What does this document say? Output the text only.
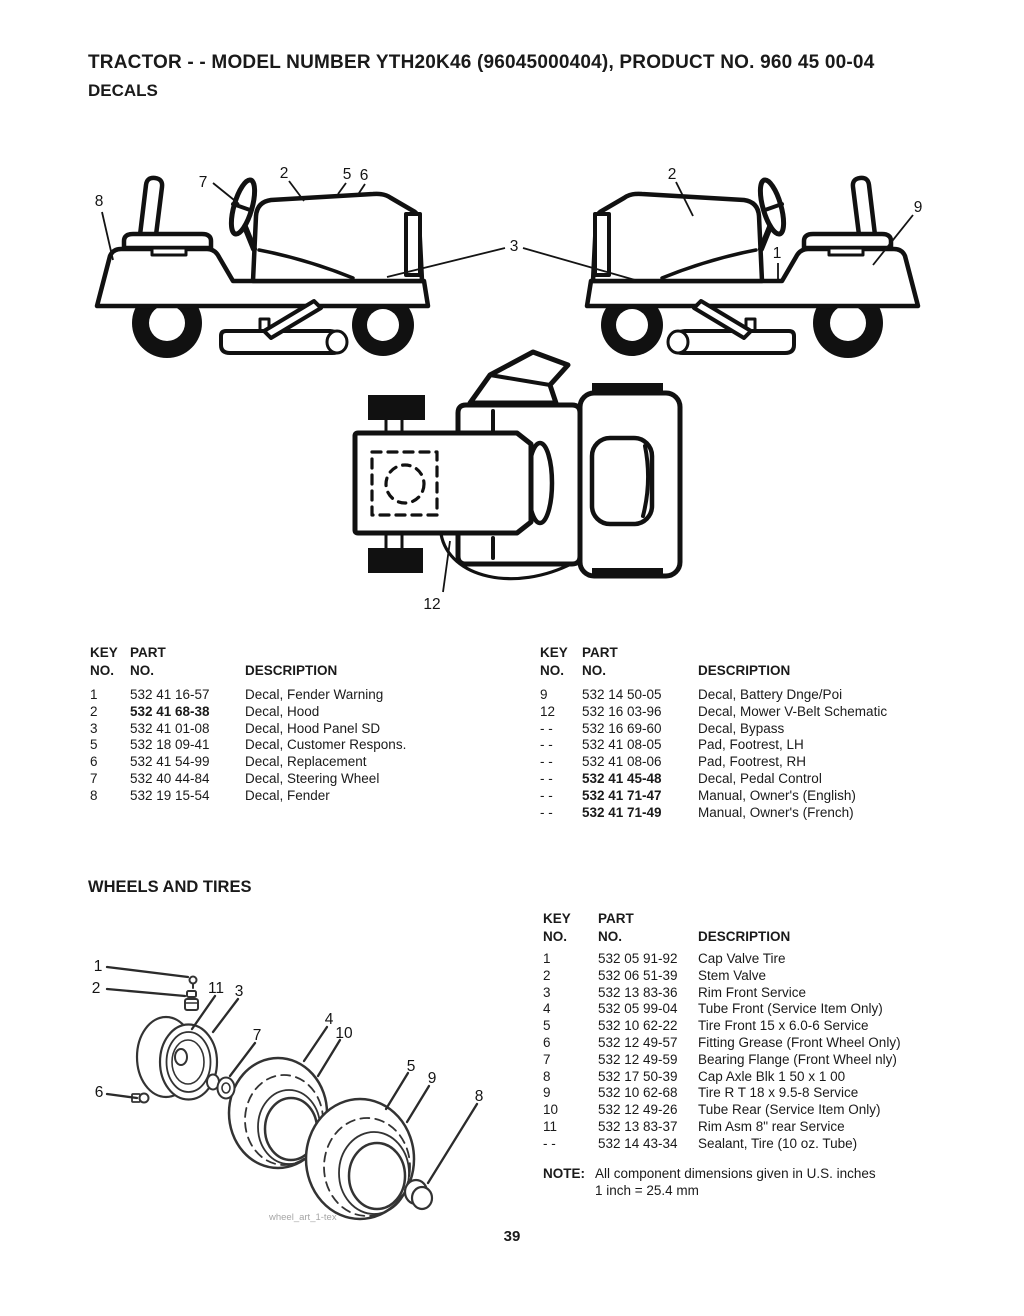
TRACTOR - - MODEL NUMBER YTH20K46 (96045000404), PRODUCT NO. 960 45 00-04
DECALS
7
2	5 6
8
3
2
1
9
12
KEY PART
NO.	NO.	DESCRIPTION
1	532 41 16-57	Decal, Fender Warning
2	532 41 68-38	Decal, Hood
3	532 41 01-08	Decal, Hood Panel SD
5	532 18 09-41	Decal, Customer Respons.
6	532 41 54-99	Decal, Replacement
7	532 40 44-84	Decal, Steering Wheel
8	532 19 15-54	Decal, Fender
KEY	PART
NO.	NO.	DESCRIPTION
9	532 14 50-05	Decal, Battery Dnge/Poi
12	532 16 03-96	Decal, Mower V-Belt Schematic
- -	532 16 69-60	Decal, Bypass
- -	532 41 08-05	Pad, Footrest, LH
- -	532 41 08-06	Pad, Footrest, RH
- -	532 41 45-48	Decal, Pedal Control
- -	532 41 71-47	Manual, Owner's (English)
- -	532 41 71-49	Manual, Owner's (French)
WHEELS AND TIRES
1
2	11 3
7
6
4
10
5
9
8
wheel_art_1-tex
KEY	PART
NO.	NO.	DESCRIPTION
1	532 05 91-92	Cap Valve Tire
2	532 06 51-39	Stem Valve
3	532 13 83-36	Rim Front Service
4	532 05 99-04	Tube Front (Service Item Only)
5	532 10 62-22	Tire Front 15 x 6.0-6 Service
6	532 12 49-57	Fitting Grease (Front Wheel Only)
7	532 12 49-59	Bearing Flange (Front Wheel nly)
8	532 17 50-39	Cap Axle Blk 1 50 x 1 00
9	532 10 62-68	Tire R T 18 x 9.5-8 Service
10	532 12 49-26	Tube Rear (Service Item Only)
11	532 13 83-37	Rim Asm 8" rear Service
- -	532 14 43-34	Sealant, Tire (10 oz. Tube)
NOTE: All component dimensions given in U.S. inches
1 inch = 25.4 mm
39
